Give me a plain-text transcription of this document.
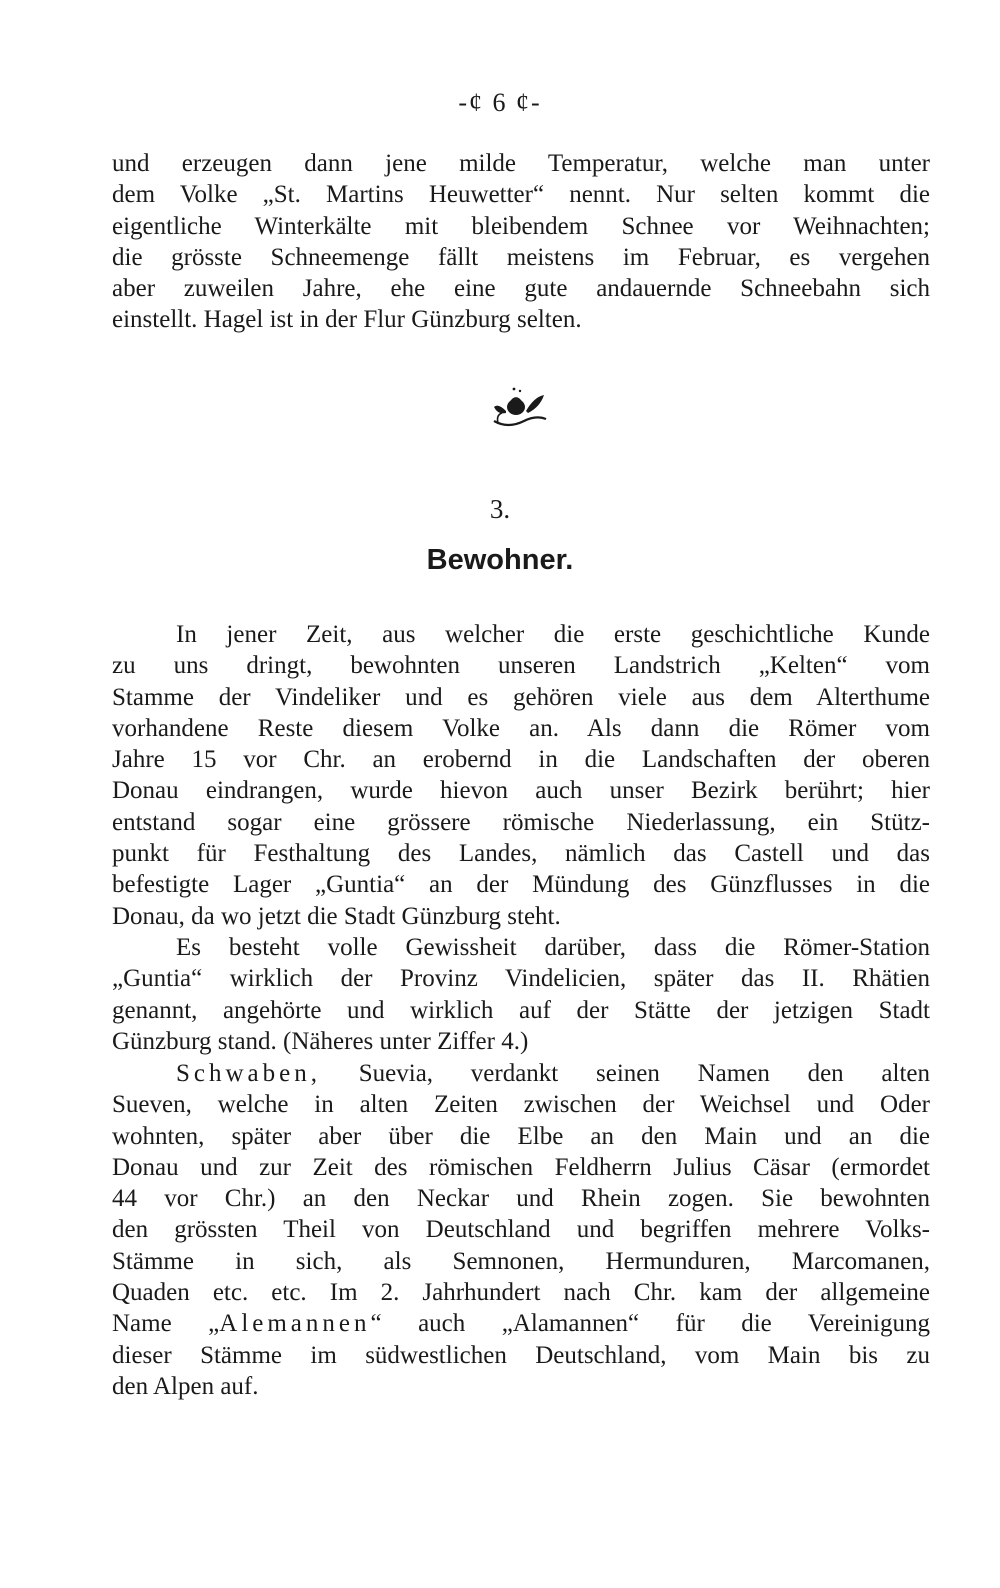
-¢ 6 ¢-
und erzeugen dann jene milde Temperatur, welche man unter
dem Volke „St. Martins Heuwetter“ nennt. Nur selten kommt die
eigentliche Winterkälte mit bleibendem Schnee vor Weihnachten;
die grösste Schneemenge fällt meistens im Februar, es vergehen
aber zuweilen Jahre, ehe eine gute andauernde Schneebahn sich
einstellt. Hagel ist in der Flur Günzburg selten.
3.
Bewohner.
In jener Zeit, aus welcher die erste geschichtliche Kunde
zu uns dringt, bewohnten unseren Landstrich „Kelten“ vom
Stamme der Vindeliker und es gehören viele aus dem Alterthume
vorhandene Reste diesem Volke an. Als dann die Römer vom
Jahre 15 vor Chr. an erobernd in die Landschaften der oberen
Donau eindrangen, wurde hievon auch unser Bezirk berührt; hier
entstand sogar eine grössere römische Niederlassung, ein Stütz-
punkt für Festhaltung des Landes, nämlich das Castell und das
befestigte Lager „Guntia“ an der Mündung des Günzflusses in die
Donau, da wo jetzt die Stadt Günzburg steht.
Es besteht volle Gewissheit darüber, dass die Römer-Station
„Guntia“ wirklich der Provinz Vindelicien, später das II. Rhätien
genannt, angehörte und wirklich auf der Stätte der jetzigen Stadt
Günzburg stand. (Näheres unter Ziffer 4.)
Schwaben, Suevia, verdankt seinen Namen den alten
Sueven, welche in alten Zeiten zwischen der Weichsel und Oder
wohnten, später aber über die Elbe an den Main und an die
Donau und zur Zeit des römischen Feldherrn Julius Cäsar (ermordet
44 vor Chr.) an den Neckar und Rhein zogen. Sie bewohnten
den grössten Theil von Deutschland und begriffen mehrere Volks-
Stämme in sich, als Semnonen, Hermunduren, Marcomanen,
Quaden etc. etc. Im 2. Jahrhundert nach Chr. kam der allgemeine
Name „Alemannen“ auch „Alamannen“ für die Vereinigung
dieser Stämme im südwestlichen Deutschland, vom Main bis zu
den Alpen auf.
